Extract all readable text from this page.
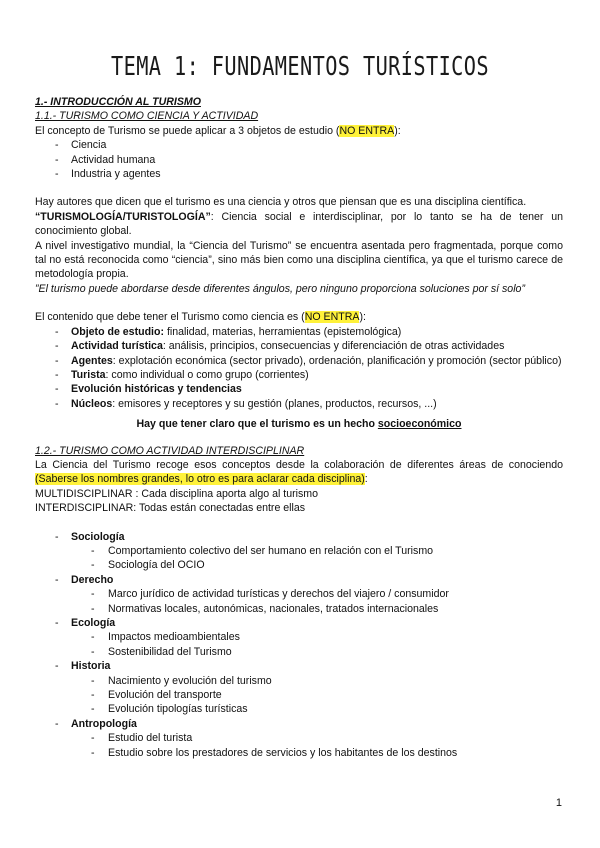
TEMA 1: FUNDAMENTOS TURÍSTICOS
1.- INTRODUCCIÓN AL TURISMO
1.1.- TURISMO COMO CIENCIA Y ACTIVIDAD
El concepto de Turismo se puede aplicar a 3 objetos de estudio (NO ENTRA):
- Ciencia
- Actividad humana
- Industria y agentes
Hay autores que dicen que el turismo es una ciencia y otros que piensan que es una disciplina científica.
“TURISMOLOGÍA/TURISTOLOGÍA”: Ciencia social e interdisciplinar, por lo tanto se ha de tener un conocimiento global.
A nivel investigativo mundial, la “Ciencia del Turismo” se encuentra asentada pero fragmentada, porque como tal no está reconocida como “ciencia”, sino más bien como una disciplina científica, ya que el turismo carece de metodología propia.
”El turismo puede abordarse desde diferentes ángulos, pero ninguno proporciona soluciones por sí solo”
El contenido que debe tener el Turismo como ciencia es (NO ENTRA):
- Objeto de estudio: finalidad, materias, herramientas (epistemológica)
- Actividad turística: análisis, principios, consecuencias y diferenciación de otras actividades
- Agentes: explotación económica (sector privado), ordenación, planificación y promoción (sector público)
- Turista: como individual o como grupo (corrientes)
- Evolución históricas y tendencias
- Núcleos: emisores y receptores y su gestión (planes, productos, recursos, ...)
Hay que tener claro que el turismo es un hecho socioeconómico
1.2.- TURISMO COMO ACTIVIDAD INTERDISCIPLINAR
La Ciencia del Turismo recoge esos conceptos desde la colaboración de diferentes áreas de conociendo (Saberse los nombres grandes, lo otro es para aclarar cada disciplina):
MULTIDISCIPLINAR : Cada disciplina aporta algo al turismo
INTERDISCIPLINAR: Todas están conectadas entre ellas
- Sociología
- Comportamiento colectivo del ser humano en relación con el Turismo
- Sociología del OCIO
- Derecho
- Marco jurídico de actividad turísticas y derechos del viajero / consumidor
- Normativas locales, autonómicas, nacionales, tratados internacionales
- Ecología
- Impactos medioambientales
- Sostenibilidad del Turismo
- Historia
- Nacimiento y evolución del turismo
- Evolución del transporte
- Evolución tipologías turísticas
- Antropología
- Estudio del turista
- Estudio sobre los prestadores de servicios y los habitantes de los destinos
1
